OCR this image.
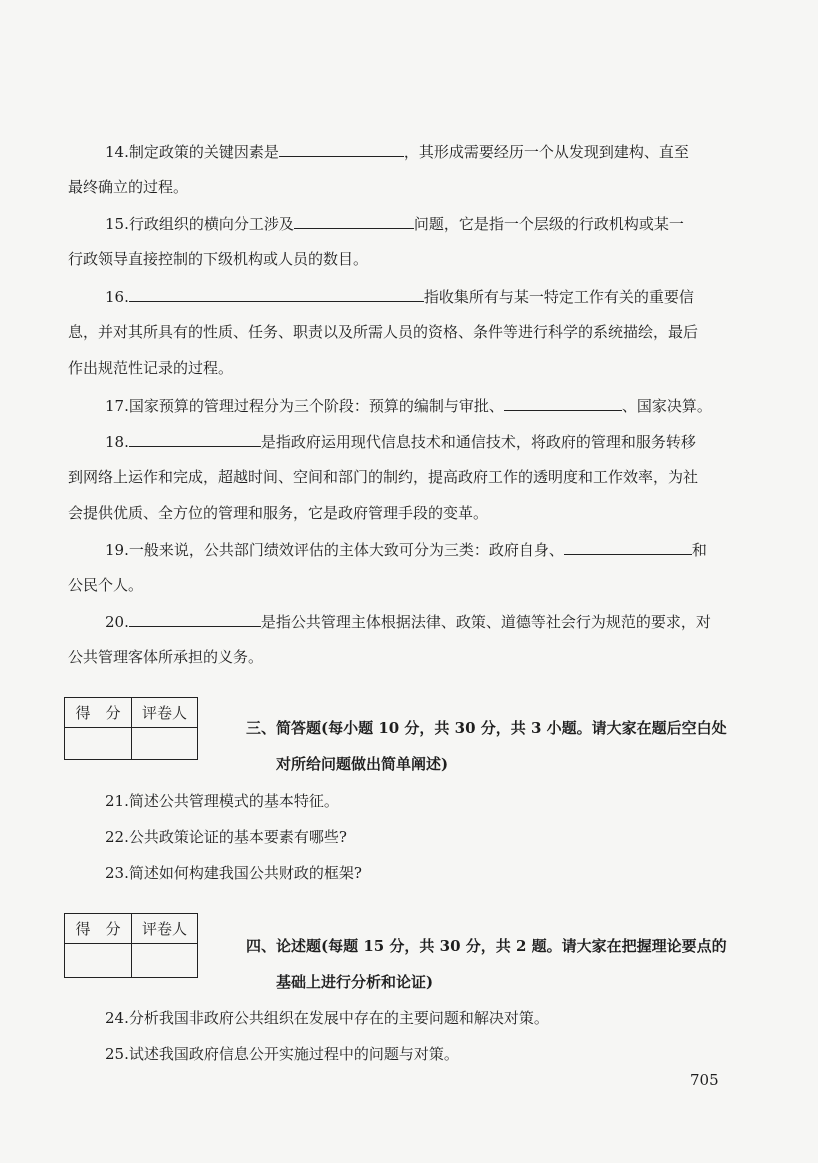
14.制定政策的关键因素是	，其形成需要经历一个从发现到建构、直至
最终确立的过程。
15.行政组织的横向分工涉及	问题，它是指一个层级的行政机构或某一
行政领导直接控制的下级机构或人员的数目。
16.	指收集所有与某一特定工作有关的重要信
息，并对其所具有的性质、任务、职责以及所需人员的资格、条件等进行科学的系统描绘，最后
作出规范性记录的过程。
17.国家预算的管理过程分为三个阶段：预算的编制与审批、	、国家决算。
18.	是指政府运用现代信息技术和通信技术，将政府的管理和服务转移
到网络上运作和完成，超越时间、空间和部门的制约，提高政府工作的透明度和工作效率，为社
会提供优质、全方位的管理和服务，它是政府管理手段的变革。
19.一般来说，公共部门绩效评估的主体大致可分为三类：政府自身、	和
公民个人。
20.	是指公共管理主体根据法律、政策、道德等社会行为规范的要求，对
公共管理客体所承担的义务。
得　分	评卷人

三、简答题(每小题 10 分，共 30 分，共 3 小题。请大家在题后空白处
对所给问题做出简单阐述)
21.简述公共管理模式的基本特征。
22.公共政策论证的基本要素有哪些?
23.简述如何构建我国公共财政的框架?
得　分	评卷人

四、论述题(每题 15 分，共 30 分，共 2 题。请大家在把握理论要点的
基础上进行分析和论证)
24.分析我国非政府公共组织在发展中存在的主要问题和解决对策。
25.试述我国政府信息公开实施过程中的问题与对策。
705
